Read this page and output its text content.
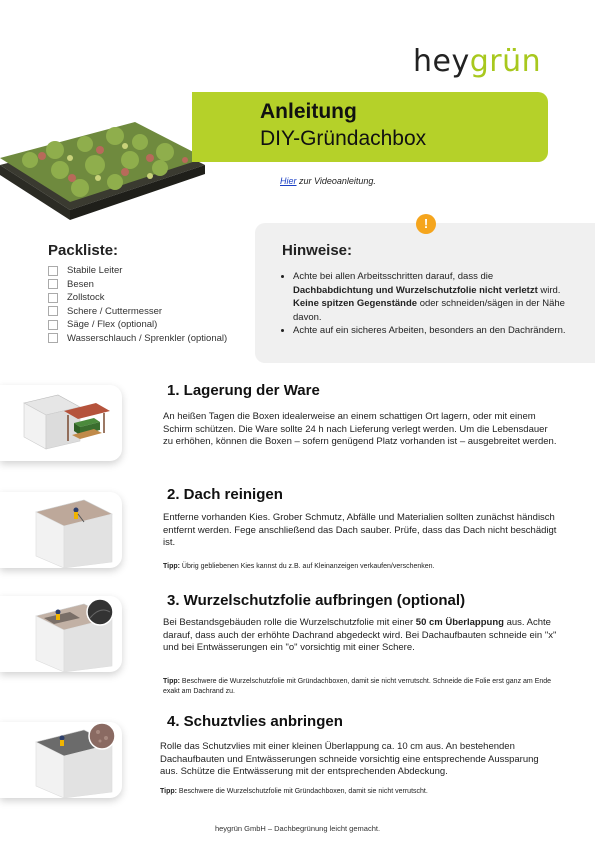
heygrün
Anleitung
DIY-Gründachbox
Hier zur Videoanleitung.
Packliste:
Stabile Leiter
Besen
Zollstock
Schere / Cuttermesser
Säge / Flex (optional)
Wasserschlauch / Sprenkler (optional)
!
Hinweise:
• Achte bei allen Arbeitsschritten darauf, dass die Dachbabdichtung und Wurzelschutzfolie nicht verletzt wird. Keine spitzen Gegenstände oder schneiden/sägen in der Nähe davon.
• Achte auf ein sicheres Arbeiten, besonders an den Dachrändern.
1. Lagerung der Ware

An heißen Tagen die Boxen idealerweise an einem schattigen Ort lagern, oder mit einem Schirm schützen. Die Ware sollte 24 h nach Lieferung verlegt werden. Um die Lebensdauer zu erhöhen, können die Boxen – sofern genügend Platz vorhanden ist – ausgebreitet werden.

2. Dach reinigen

Entferne vorhanden Kies. Grober Schmutz, Abfälle und Materialien sollten zunächst händisch entfernt werden. Fege anschließend das Dach sauber. Prüfe, dass das Dach nicht beschädigt ist.

Tipp: Übrig gebliebenen Kies kannst du z.B. auf Kleinanzeigen verkaufen/verschenken.

3. Wurzelschutzfolie aufbringen (optional)

Bei Bestandsgebäuden rolle die Wurzelschutzfolie mit einer 50 cm Überlappung aus. Achte darauf, dass auch der erhöhte Dachrand abgedeckt wird. Bei Dachaufbauten schneide ein "x" und bei Entwässerungen ein "o" vorsichtig mit einer Schere.

Tipp: Beschwere die Wurzelschutzfolie mit Gründachboxen, damit sie nicht verrutscht. Schneide die Folie erst ganz am Ende exakt am Dachrand zu.

4. Schuztvlies anbringen

Rolle das Schutzvlies mit einer kleinen Überlappung ca. 10 cm aus. An bestehenden Dachaufbauten und Entwässerungen schneide vorsichtig eine entsprechende Aussparung aus. Schütze die Entwässerung mit der entsprechenden Abdeckung.

Tipp: Beschwere die Wurzelschutzfolie mit Gründachboxen, damit sie nicht verrutscht.

heygrün GmbH – Dachbegrünung leicht gemacht.
